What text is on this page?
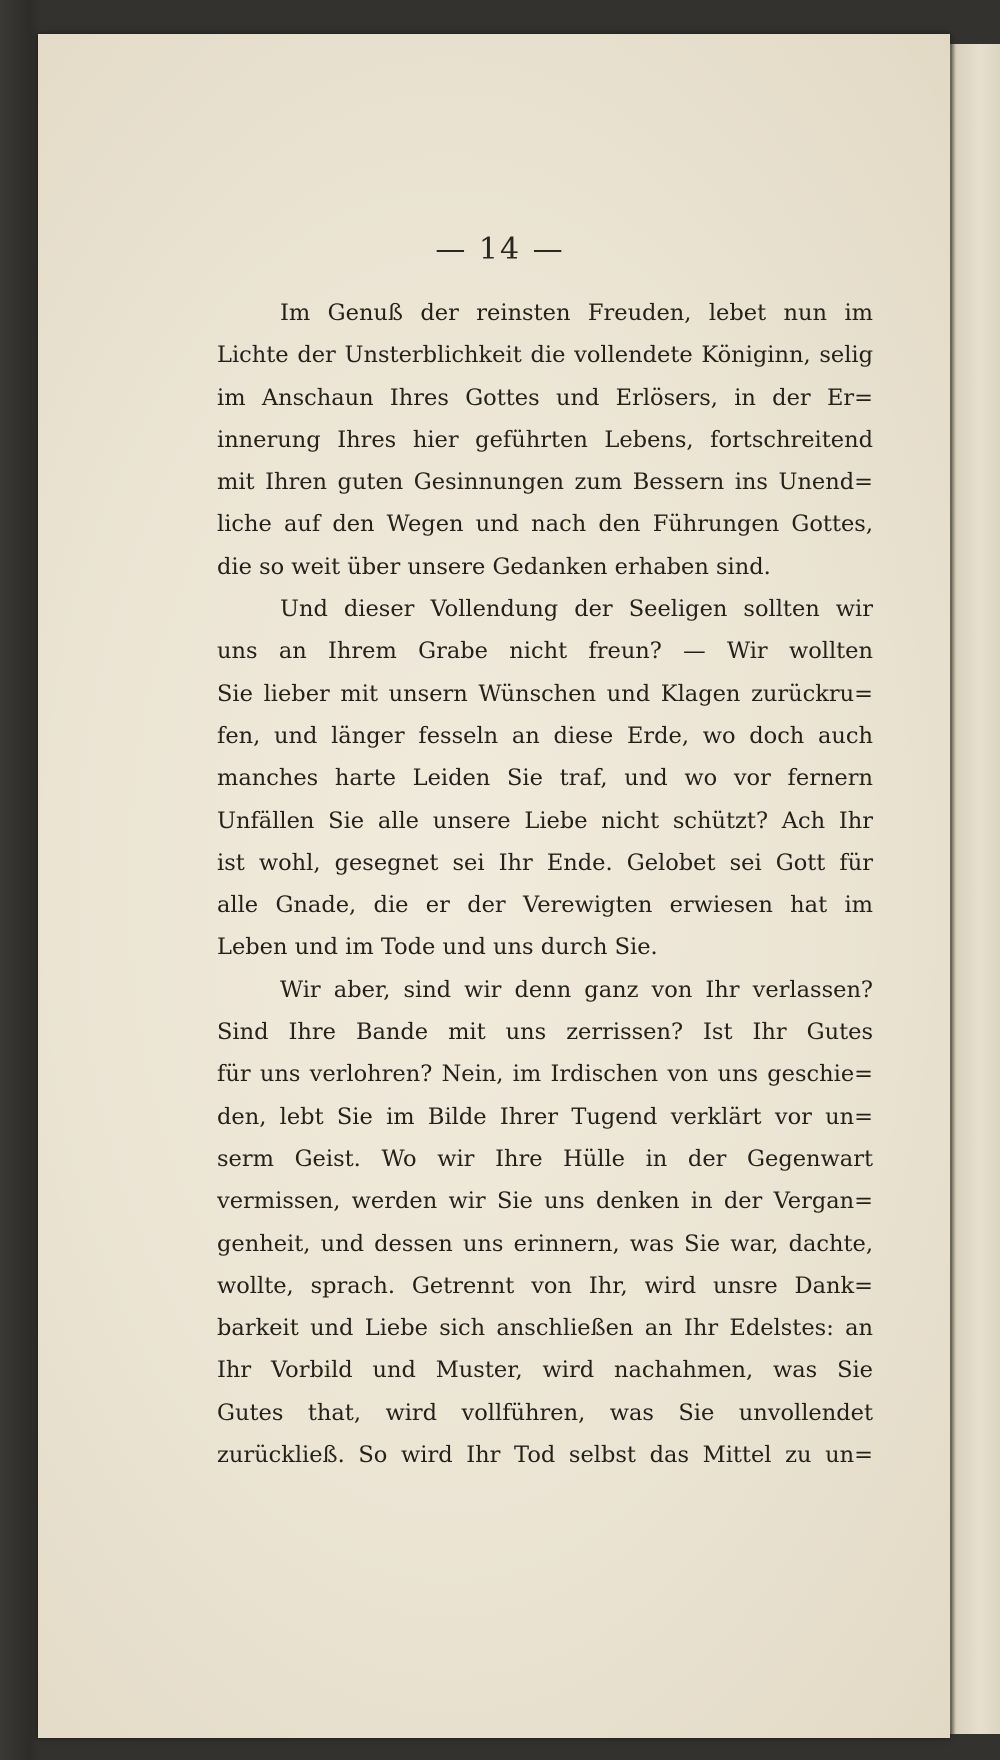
— 14 —
Im Genuß der reinsten Freuden, lebet nun im
Lichte der Unsterblichkeit die vollendete Königinn, selig
im Anschaun Ihres Gottes und Erlösers, in der Er=
innerung Ihres hier geführten Lebens, fortschreitend
mit Ihren guten Gesinnungen zum Bessern ins Unend=
liche auf den Wegen und nach den Führungen Gottes,
die so weit über unsere Gedanken erhaben sind.
Und dieser Vollendung der Seeligen sollten wir
uns an Ihrem Grabe nicht freun? — Wir wollten
Sie lieber mit unsern Wünschen und Klagen zurückru=
fen, und länger fesseln an diese Erde, wo doch auch
manches harte Leiden Sie traf, und wo vor fernern
Unfällen Sie alle unsere Liebe nicht schützt? Ach Ihr
ist wohl, gesegnet sei Ihr Ende. Gelobet sei Gott für
alle Gnade, die er der Verewigten erwiesen hat im
Leben und im Tode und uns durch Sie.
Wir aber, sind wir denn ganz von Ihr verlassen?
Sind Ihre Bande mit uns zerrissen? Ist Ihr Gutes
für uns verlohren? Nein, im Irdischen von uns geschie=
den, lebt Sie im Bilde Ihrer Tugend verklärt vor un=
serm Geist. Wo wir Ihre Hülle in der Gegenwart
vermissen, werden wir Sie uns denken in der Vergan=
genheit, und dessen uns erinnern, was Sie war, dachte,
wollte, sprach. Getrennt von Ihr, wird unsre Dank=
barkeit und Liebe sich anschließen an Ihr Edelstes: an
Ihr Vorbild und Muster, wird nachahmen, was Sie
Gutes that, wird vollführen, was Sie unvollendet
zurückließ. So wird Ihr Tod selbst das Mittel zu un=
